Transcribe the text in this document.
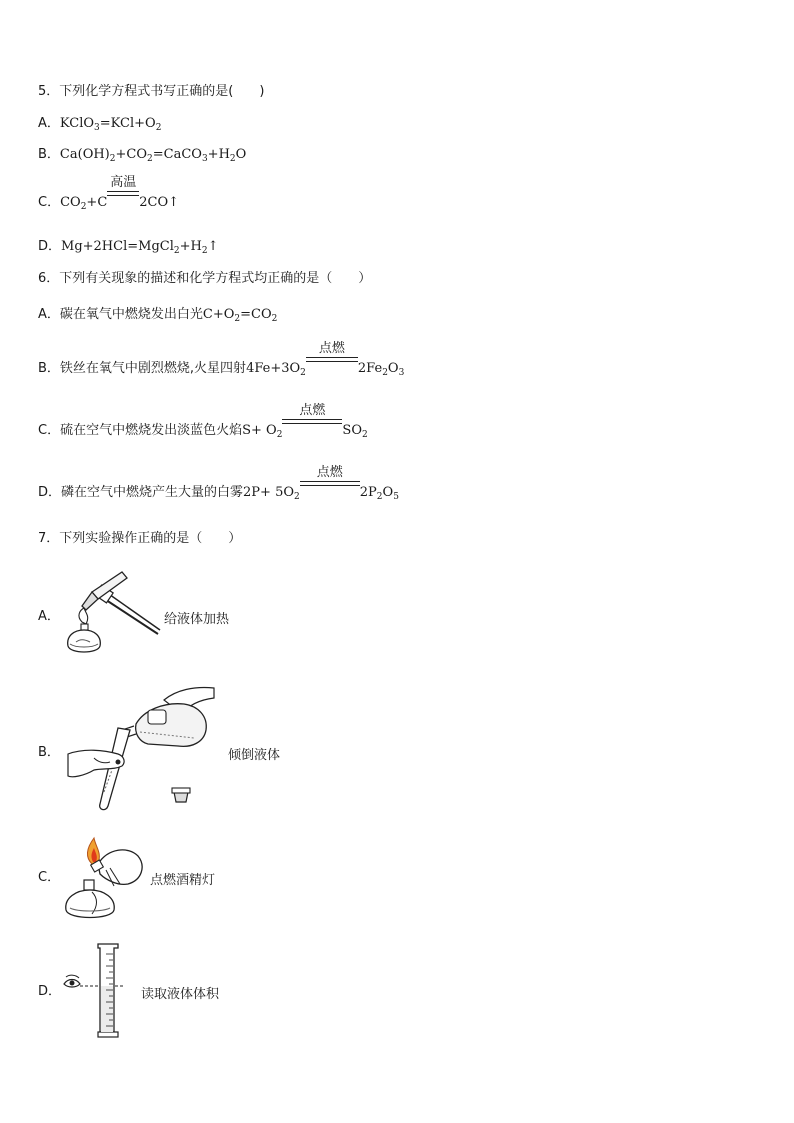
5．下列化学方程式书写正确的是(　　)
A．$KClO_3=KCl+O_2$
B．$Ca(OH)_2+CO_2=CaCO_3+H_2O$
C．$CO_2+C$
高温
2CO↑
D．$Mg+2HCl=MgCl_2+H_2↑$
6．下列有关现象的描述和化学方程式均正确的是（　　）
A．碳在氧气中燃烧发出白光$C+O_2=CO_2$
B．铁丝在氧气中剧烈燃烧,火星四射$4Fe+3O_2$
点燃
$2Fe_2O_3$
C．硫在空气中燃烧发出淡蓝色火焰$S+ O_2$
点燃
$SO_2$
D．磷在空气中燃烧产生大量的白雾$2P+ 5O_2$
点燃
$2P_2O_5$
7．下列实验操作正确的是（　　）
A．	给液体加热
B．	倾倒液体
C．	点燃酒精灯
D．	读取液体体积
